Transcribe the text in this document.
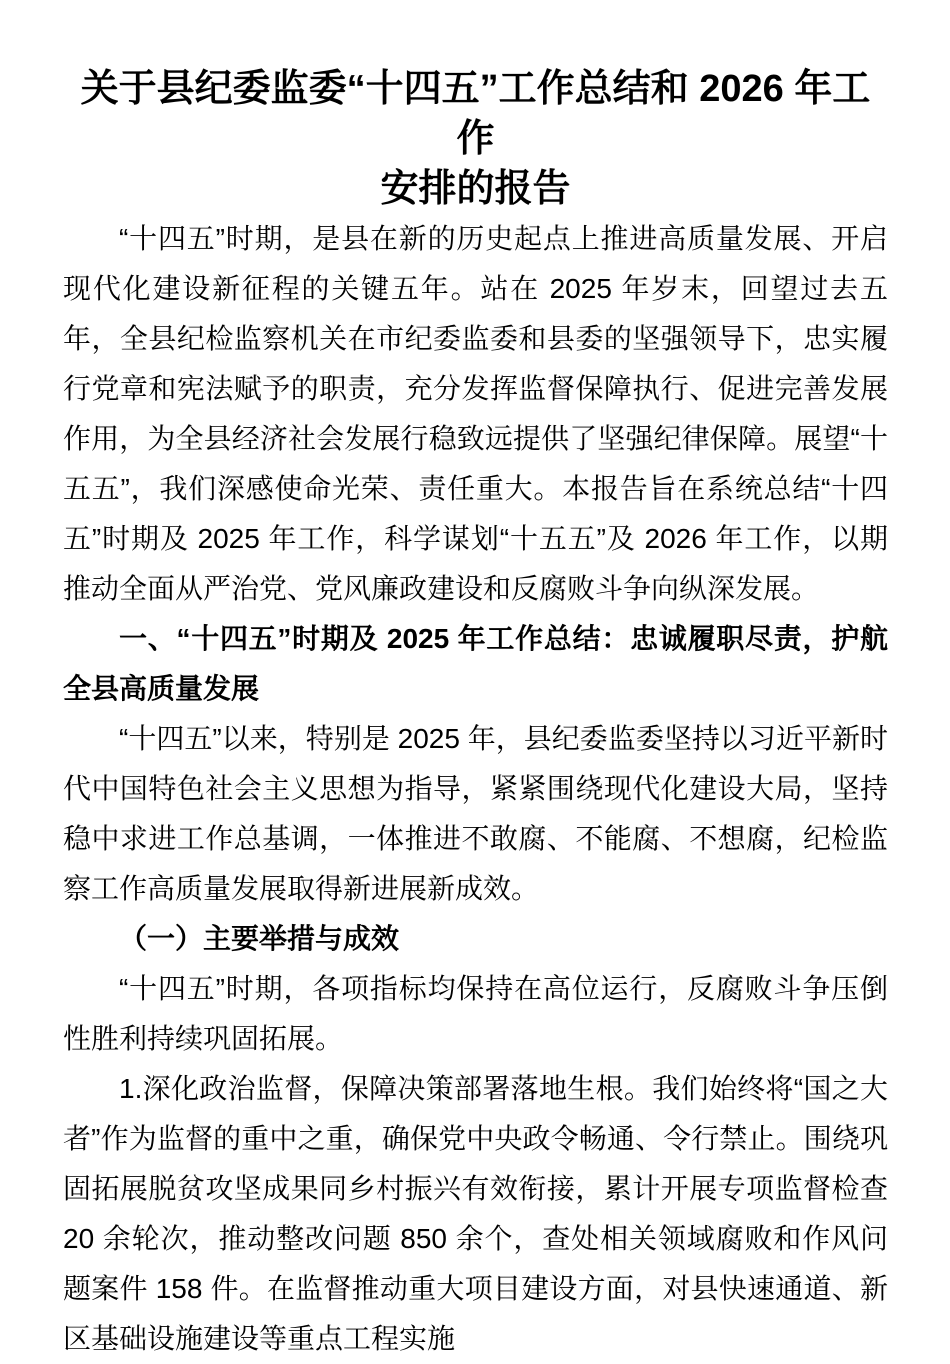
关于县纪委监委“十四五”工作总结和 2026 年工作
安排的报告

“十四五”时期，是县在新的历史起点上推进高质量发展、开启现代化建设新征程的关键五年。站在 2025 年岁末，回望过去五年，全县纪检监察机关在市纪委监委和县委的坚强领导下，忠实履行党章和宪法赋予的职责，充分发挥监督保障执行、促进完善发展作用，为全县经济社会发展行稳致远提供了坚强纪律保障。展望“十五五”，我们深感使命光荣、责任重大。本报告旨在系统总结“十四五”时期及 2025 年工作，科学谋划“十五五”及 2026 年工作，以期推动全面从严治党、党风廉政建设和反腐败斗争向纵深发展。

一、“十四五”时期及 2025 年工作总结：忠诚履职尽责，护航全县高质量发展

“十四五”以来，特别是 2025 年，县纪委监委坚持以习近平新时代中国特色社会主义思想为指导，紧紧围绕现代化建设大局，坚持稳中求进工作总基调，一体推进不敢腐、不能腐、不想腐，纪检监察工作高质量发展取得新进展新成效。

（一）主要举措与成效

“十四五”时期，各项指标均保持在高位运行，反腐败斗争压倒性胜利持续巩固拓展。

1.深化政治监督，保障决策部署落地生根。我们始终将“国之大者”作为监督的重中之重，确保党中央政令畅通、令行禁止。围绕巩固拓展脱贫攻坚成果同乡村振兴有效衔接，累计开展专项监督检查 20 余轮次，推动整改问题 850 余个，查处相关领域腐败和作风问题案件 158 件。在监督推动重大项目建设方面，对县快速通道、新区基础设施建设等重点工程实施
